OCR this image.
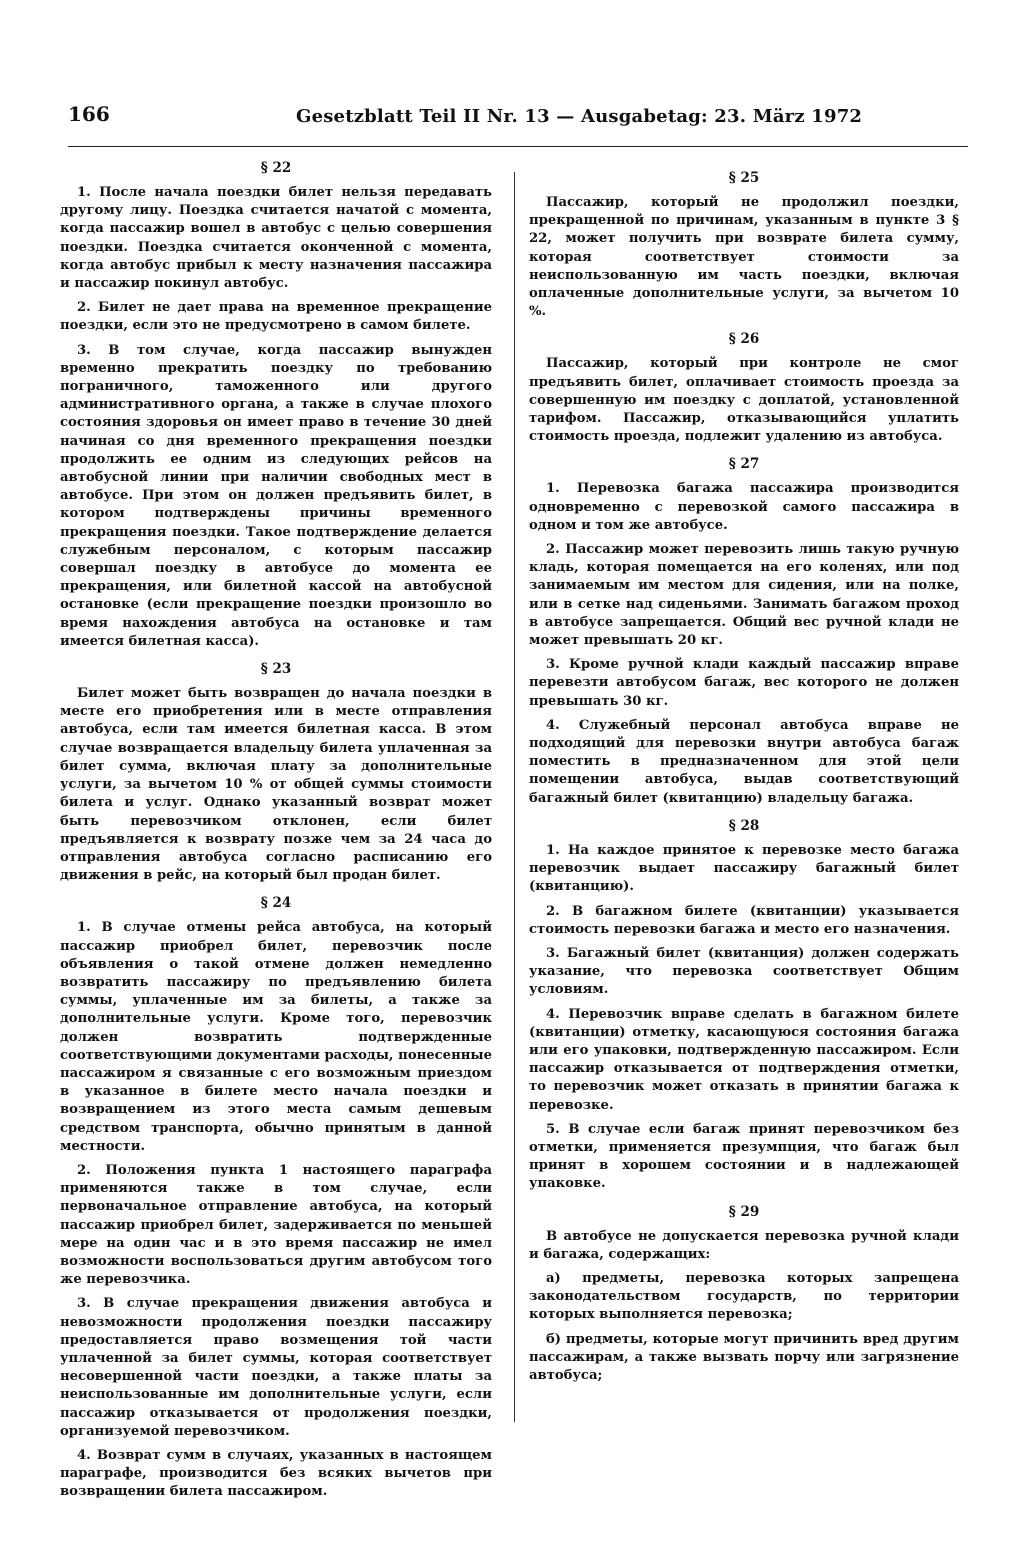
166	Gesetzblatt Teil II Nr. 13 — Ausgabetag: 23. März 1972
§ 22

1. После начала поездки билет нельзя передавать другому лицу. Поездка считается начатой с момента, когда пассажир вошел в автобус с целью совершения поездки. Поездка считается оконченной с момента, когда автобус прибыл к месту назначения пассажира и пассажир покинул автобус.

2. Билет не дает права на временное прекращение поездки, если это не предусмотрено в самом билете.

3. В том случае, когда пассажир вынужден временно прекратить поездку по требованию пограничного, таможенного или другого административного органа, а также в случае плохого состояния здоровья он имеет право в течение 30 дней начиная со дня временного прекращения поездки продолжить ее одним из следующих рейсов на автобусной линии при наличии свободных мест в автобусе. При этом он должен предъявить билет, в котором подтверждены причины временного прекращения поездки. Такое подтверждение делается служебным персоналом, с которым пассажир совершал поездку в автобусе до момента ее прекращения, или билетной кассой на автобусной остановке (если прекращение поездки произошло во время нахождения автобуса на остановке и там имеется билетная касса).

§ 23

Билет может быть возвращен до начала поездки в месте его приобретения или в месте отправления автобуса, если там имеется билетная касса. В этом случае возвращается владельцу билета уплаченная за билет сумма, включая плату за дополнительные услуги, за вычетом 10 % от общей суммы стоимости билета и услуг. Однако указанный возврат может быть перевозчиком отклонен, если билет предъявляется к возврату позже чем за 24 часа до отправления автобуса согласно расписанию его движения в рейс, на который был продан билет.

§ 24

1. В случае отмены рейса автобуса, на который пассажир приобрел билет, перевозчик после объявления о такой отмене должен немедленно возвратить пассажиру по предъявлению билета суммы, уплаченные им за билеты, а также за дополнительные услуги. Кроме того, перевозчик должен возвратить подтвержденные соответствующими документами расходы, понесенные пассажиром я связанные с его возможным приездом в указанное в билете место начала поездки и возвращением из этого места самым дешевым средством транспорта, обычно принятым в данной местности.

2. Положения пункта 1 настоящего параграфа применяются также в том случае, если первоначальное отправление автобуса, на который пассажир приобрел билет, задерживается по меньшей мере на один час и в это время пассажир не имел возможности воспользоваться другим автобусом того же перевозчика.

3. В случае прекращения движения автобуса и невозможности продолжения поездки пассажиру предоставляется право возмещения той части уплаченной за билет суммы, которая соответствует несовершенной части поездки, а также платы за неиспользованные им дополнительные услуги, если пассажир отказывается от продолжения поездки, организуемой перевозчиком.

4. Возврат сумм в случаях, указанных в настоящем параграфе, производится без всяких вычетов при возвращении билета пассажиром.

§ 25

Пассажир, который не продолжил поездки, прекращенной по причинам, указанным в пункте 3 § 22, может получить при возврате билета сумму, которая соответствует стоимости за неиспользованную им часть поездки, включая оплаченные дополнительные услуги, за вычетом 10 %.

§ 26

Пассажир, который при контроле не смог предъявить билет, оплачивает стоимость проезда за совершенную им поездку с доплатой, установленной тарифом. Пассажир, отказывающийся уплатить стоимость проезда, подлежит удалению из автобуса.

§ 27

1. Перевозка багажа пассажира производится одновременно с перевозкой самого пассажира в одном и том же автобусе.

2. Пассажир может перевозить лишь такую ручную кладь, которая помещается на его коленях, или под занимаемым им местом для сидения, или на полке, или в сетке над сиденьями. Занимать багажом проход в автобусе запрещается. Общий вес ручной клади не может превышать 20 кг.

3. Кроме ручной клади каждый пассажир вправе перевезти автобусом багаж, вес которого не должен превышать 30 кг.

4. Служебный персонал автобуса вправе не подходящий для перевозки внутри автобуса багаж поместить в предназначенном для этой цели помещении автобуса, выдав соответствующий багажный билет (квитанцию) владельцу багажа.

§ 28

1. На каждое принятое к перевозке место багажа перевозчик выдает пассажиру багажный билет (квитанцию).

2. В багажном билете (квитанции) указывается стоимость перевозки багажа и место его назначения.

3. Багажный билет (квитанция) должен содержать указание, что перевозка соответствует Общим условиям.

4. Перевозчик вправе сделать в багажном билете (квитанции) отметку, касающуюся состояния багажа или его упаковки, подтвержденную пассажиром. Если пассажир отказывается от подтверждения отметки, то перевозчик может отказать в принятии багажа к перевозке.

5. В случае если багаж принят перевозчиком без отметки, применяется презумпция, что багаж был принят в хорошем состоянии и в надлежающей упаковке.

§ 29

В автобусе не допускается перевозка ручной клади и багажа, содержащих:

а) предметы, перевозка которых запрещена законодательством государств, по территории которых выполняется перевозка;

б) предметы, которые могут причинить вред другим пассажирам, а также вызвать порчу или загрязнение автобуса;
